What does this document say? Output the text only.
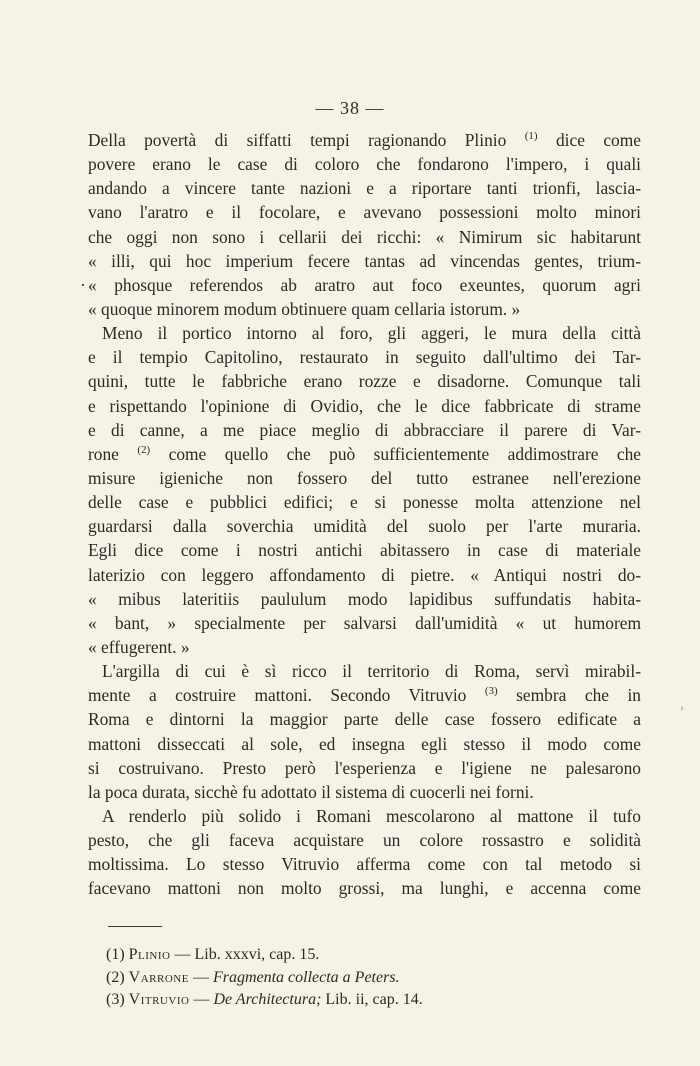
— 38 —
Della povertà di siffatti tempi ragionando Plinio $^{(1)}$ dice come
povere erano le case di coloro che fondarono l'impero, i quali
andando a vincere tante nazioni e a riportare tanti trionfi, lascia-
vano l'aratro e il focolare, e avevano possessioni molto minori
che oggi non sono i cellarii dei ricchi: « Nimirum sic habitarunt
« illi, qui hoc imperium fecere tantas ad vincendas gentes, trium-
· « phosque referendos ab aratro aut foco exeuntes, quorum agri
« quoque minorem modum obtinuere quam cellaria istorum. »
Meno il portico intorno al foro, gli aggeri, le mura della città
e il tempio Capitolino, restaurato in seguito dall'ultimo dei Tar-
quini, tutte le fabbriche erano rozze e disadorne. Comunque tali
e rispettando l'opinione di Ovidio, che le dice fabbricate di strame
e di canne, a me piace meglio di abbracciare il parere di Var-
rone $^{(2)}$ come quello che può sufficientemente addimostrare che
misure igieniche non fossero del tutto estranee nell'erezione
delle case e pubblici edifici; e si ponesse molta attenzione nel
guardarsi dalla soverchia umidità del suolo per l'arte muraria.
Egli dice come i nostri antichi abitassero in case di materiale
laterizio con leggero affondamento di pietre. « Antiqui nostri do-
« mibus lateritiis paululum modo lapidibus suffundatis habita-
« bant, » specialmente per salvarsi dall'umidità « ut humorem
« effugerent. »
L'argilla di cui è sì ricco il territorio di Roma, servì mirabil-
mente a costruire mattoni. Secondo Vitruvio $^{(3)}$ sembra che in
Roma e dintorni la maggior parte delle case fossero edificate a
mattoni disseccati al sole, ed insegna egli stesso il modo come
si costruivano. Presto però l'esperienza e l'igiene ne palesarono
la poca durata, sicchè fu adottato il sistema di cuocerli nei forni.
A renderlo più solido i Romani mescolarono al mattone il tufo
pesto, che gli faceva acquistare un colore rossastro e solidità
moltissima. Lo stesso Vitruvio afferma come con tal metodo si
facevano mattoni non molto grossi, ma lunghi, e accenna come
(1) Plinio — Lib. xxxvi, cap. 15.
(2) Varrone — Fragmenta collecta a Peters.
(3) Vitruvio — De Architectura; Lib. ii, cap. 14.
›
